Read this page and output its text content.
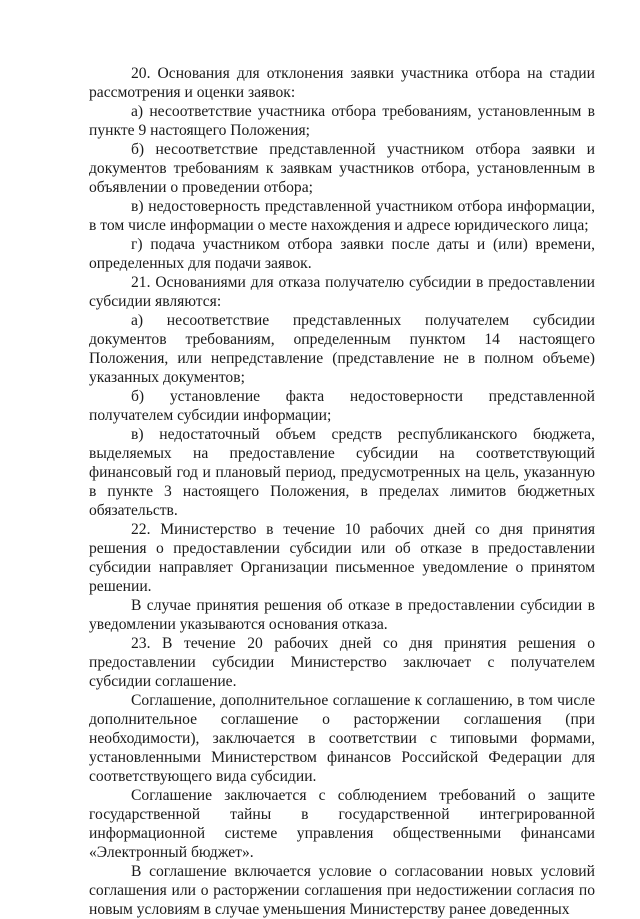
20. Основания для отклонения заявки участника отбора на стадии рассмотрения и оценки заявок:

а) несоответствие участника отбора требованиям, установленным в пункте 9 настоящего Положения;

б) несоответствие представленной участником отбора заявки и документов требованиям к заявкам участников отбора, установленным в объявлении о проведении отбора;

в) недостоверность представленной участником отбора информации, в том числе информации о месте нахождения и адресе юридического лица;

г) подача участником отбора заявки после даты и (или) времени, определенных для подачи заявок.

21. Основаниями для отказа получателю субсидии в предоставлении субсидии являются:

а) несоответствие представленных получателем субсидии документов требованиям, определенным пунктом 14 настоящего Положения, или непредставление (представление не в полном объеме) указанных документов;

б) установление факта недостоверности представленной получателем субсидии информации;

в) недостаточный объем средств республиканского бюджета, выделяемых на предоставление субсидии на соответствующий финансовый год и плановый период, предусмотренных на цель, указанную в пункте 3 настоящего Положения, в пределах лимитов бюджетных обязательств.

22. Министерство в течение 10 рабочих дней со дня принятия решения о предоставлении субсидии или об отказе в предоставлении субсидии направляет Организации письменное уведомление о принятом решении.

В случае принятия решения об отказе в предоставлении субсидии в уведомлении указываются основания отказа.

23. В течение 20 рабочих дней со дня принятия решения о предоставлении субсидии Министерство заключает с получателем субсидии соглашение.

Соглашение, дополнительное соглашение к соглашению, в том числе дополнительное соглашение о расторжении соглашения (при необходимости), заключается в соответствии с типовыми формами, установленными Министерством финансов Российской Федерации для соответствующего вида субсидии.

Соглашение заключается с соблюдением требований о защите государственной тайны в государственной интегрированной информационной системе управления общественными финансами «Электронный бюджет».

В соглашение включается условие о согласовании новых условий соглашения или о расторжении соглашения при недостижении согласия по новым условиям в случае уменьшения Министерству ранее доведенных
